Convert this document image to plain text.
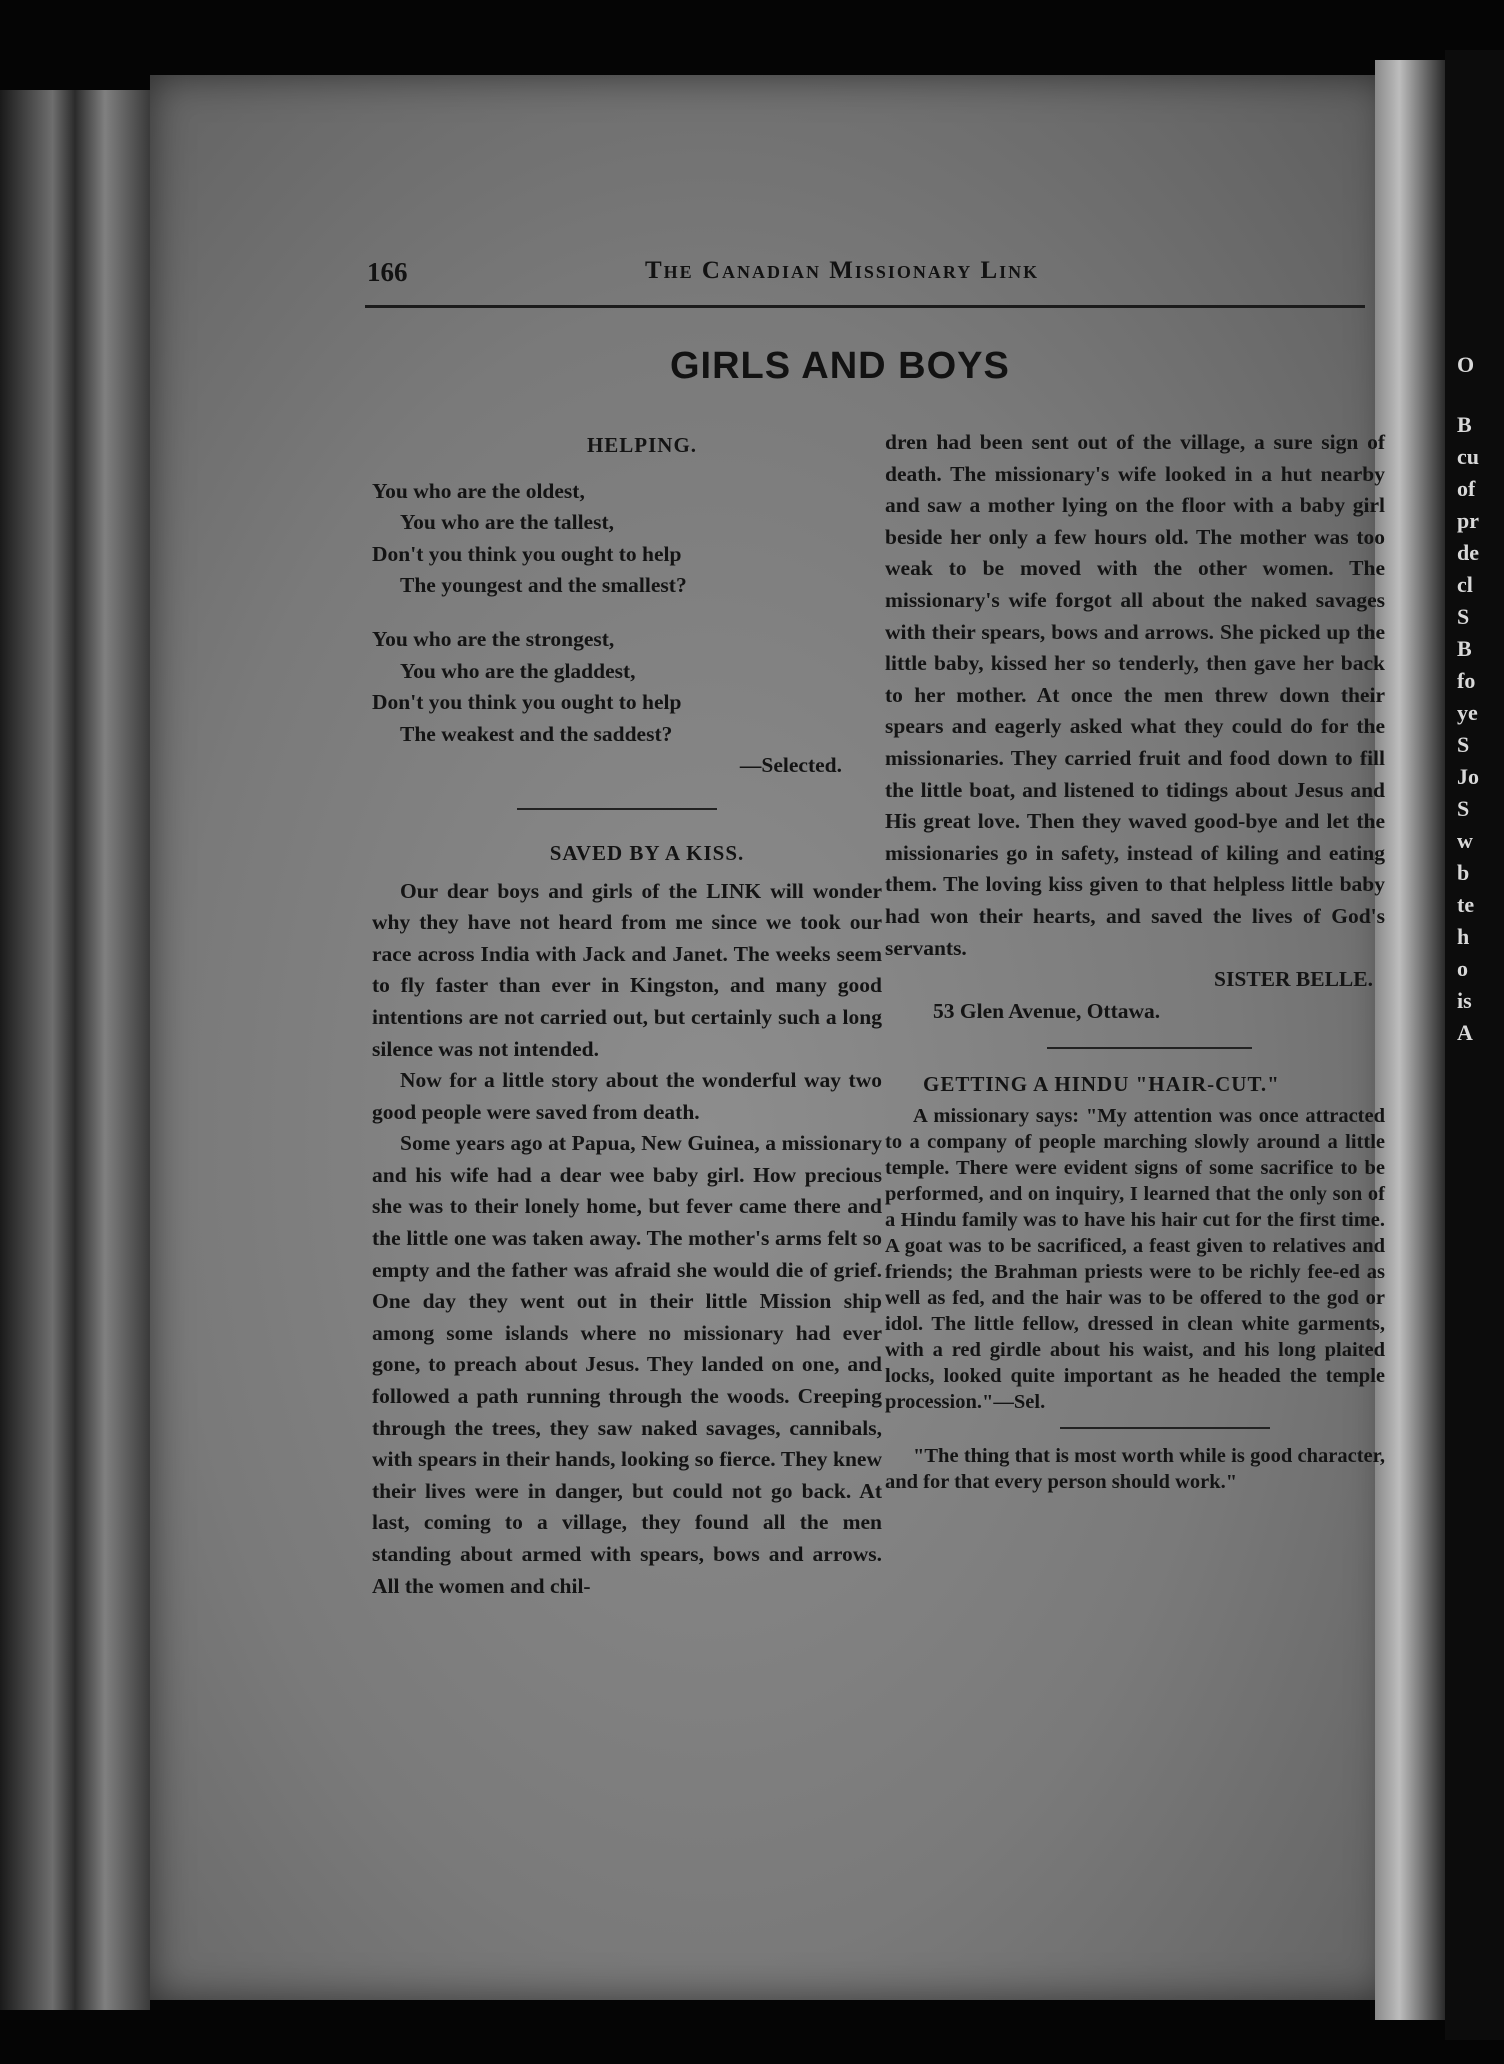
O
B
cu
of
pr
de
cl
S
B
fo
ye
S
Jo
S
w
b
te
h
o
is
A
166	The Canadian Missionary Link
GIRLS AND BOYS
HELPING.
You who are the oldest,
You who are the tallest,
Don't you think you ought to help
The youngest and the smallest?
You who are the strongest,
You who are the gladdest,
Don't you think you ought to help
The weakest and the saddest?
—Selected.
SAVED BY A KISS.

Our dear boys and girls of the LINK will wonder why they have not heard from me since we took our race across India with Jack and Janet. The weeks seem to fly faster than ever in Kingston, and many good intentions are not carried out, but certainly such a long silence was not intended.

Now for a little story about the wonderful way two good people were saved from death.

Some years ago at Papua, New Guinea, a missionary and his wife had a dear wee baby girl. How precious she was to their lonely home, but fever came there and the little one was taken away. The mother's arms felt so empty and the father was afraid she would die of grief. One day they went out in their little Mission ship among some islands where no missionary had ever gone, to preach about Jesus. They landed on one, and followed a path running through the woods. Creeping through the trees, they saw naked savages, cannibals, with spears in their hands, looking so fierce. They knew their lives were in danger, but could not go back. At last, coming to a village, they found all the men standing about armed with spears, bows and arrows. All the women and chil-

dren had been sent out of the village, a sure sign of death. The missionary's wife looked in a hut nearby and saw a mother lying on the floor with a baby girl beside her only a few hours old. The mother was too weak to be moved with the other women. The missionary's wife forgot all about the naked savages with their spears, bows and arrows. She picked up the little baby, kissed her so tenderly, then gave her back to her mother. At once the men threw down their spears and eagerly asked what they could do for the missionaries. They carried fruit and food down to fill the little boat, and listened to tidings about Jesus and His great love. Then they waved good-bye and let the missionaries go in safety, instead of kiling and eating them. The loving kiss given to that helpless little baby had won their hearts, and saved the lives of God's servants.

SISTER BELLE.
53 Glen Avenue, Ottawa.
GETTING A HINDU "HAIR-CUT."

A missionary says: "My attention was once attracted to a company of people marching slowly around a little temple. There were evident signs of some sacrifice to be performed, and on inquiry, I learned that the only son of a Hindu family was to have his hair cut for the first time. A goat was to be sacrificed, a feast given to relatives and friends; the Brahman priests were to be richly fee-ed as well as fed, and the hair was to be offered to the god or idol. The little fellow, dressed in clean white garments, with a red girdle about his waist, and his long plaited locks, looked quite important as he headed the temple procession."—Sel.

"The thing that is most worth while is good character, and for that every person should work."
